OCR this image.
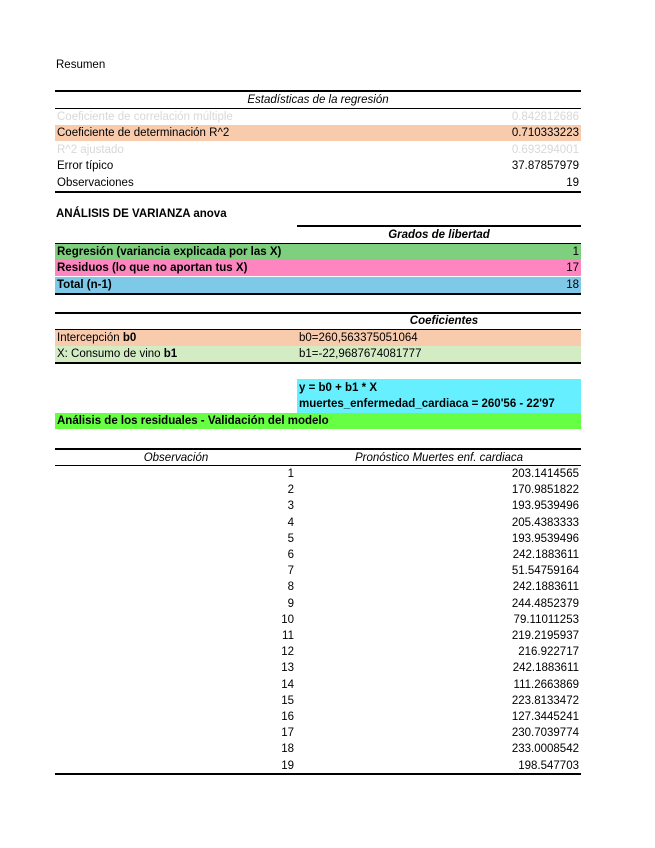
Resumen
Estadísticas de la regresión
Coeficiente de correlación múltiple	0.842812686
Coeficiente de determinación R^2	0.710333223
R^2 ajustado	0.693294001
Error típico	37.87857979
Observaciones	19
ANÁLISIS DE VARIANZA anova
Grados de libertad
Regresión (variancia explicada por las X)	1
Residuos (lo que no aportan tus X)	17
Total (n-1)	18
Coeficientes
Intercepción b0	b0=260,563375051064
X: Consumo de vino b1	b1=-22,9687674081777
y = b0 + b1 * X
muertes_enfermedad_cardiaca = 260'56 - 22'97
Análisis de los residuales - Validación del modelo
Observación	Pronóstico Muertes enf. cardiaca
1	203.1414565
2	170.9851822
3	193.9539496
4	205.4383333
5	193.9539496
6	242.1883611
7	51.54759164
8	242.1883611
9	244.4852379
10	79.11011253
11	219.2195937
12	216.922717
13	242.1883611
14	111.2663869
15	223.8133472
16	127.3445241
17	230.7039774
18	233.0008542
19	198.547703
